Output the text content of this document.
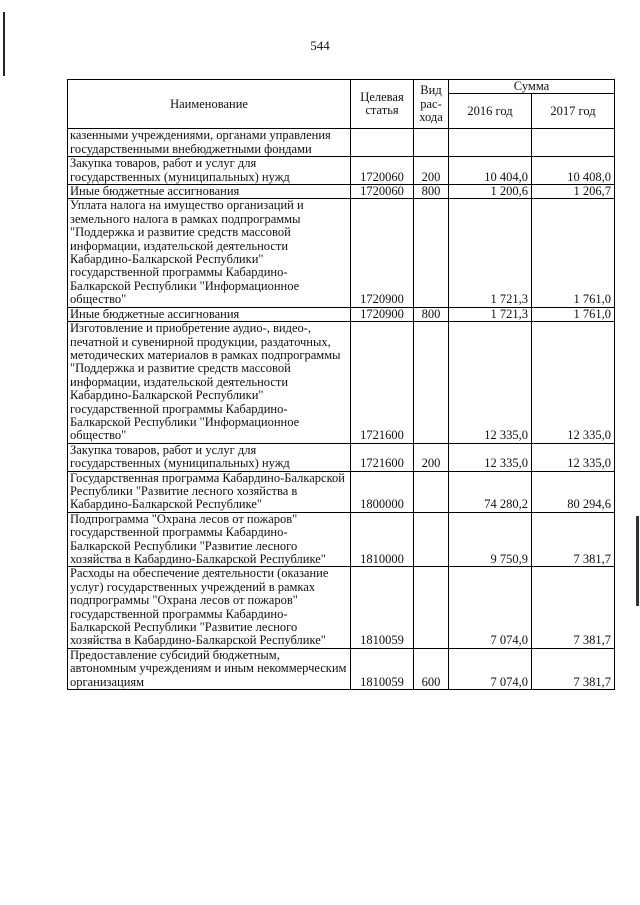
544
Наименование	Целевая статья	Вид рас-хода	Сумма	
			2016 год	2017 год
казенными учреждениями, органами управления государственными внебюджетными фондами				
Закупка товаров, работ и услуг для государственных (муниципальных) нужд	1720060	200	10 404,0	10 408,0
Иные бюджетные ассигнования	1720060	800	1 200,6	1 206,7
Уплата налога на имущество организаций и земельного налога в рамках подпрограммы "Поддержка и развитие средств массовой информации, издательской деятельности Кабардино-Балкарской Республики" государственной программы Кабардино-Балкарской Республики "Информационное общество"	1720900		1 721,3	1 761,0
Иные бюджетные ассигнования	1720900	800	1 721,3	1 761,0
Изготовление и приобретение аудио-, видео-, печатной и сувенирной продукции, раздаточных, методических материалов в рамках подпрограммы "Поддержка и развитие средств массовой информации, издательской деятельности Кабардино-Балкарской Республики" государственной программы Кабардино-Балкарской Республики "Информационное общество"	1721600		12 335,0	12 335,0
Закупка товаров, работ и услуг для государственных (муниципальных) нужд	1721600	200	12 335,0	12 335,0
Государственная программа Кабардино-Балкарской Республики "Развитие лесного хозяйства в Кабардино-Балкарской Республике"	1800000		74 280,2	80 294,6
Подпрограмма "Охрана лесов от пожаров" государственной программы Кабардино-Балкарской Республики "Развитие лесного хозяйства в Кабардино-Балкарской Республике"	1810000		9 750,9	7 381,7
Расходы на обеспечение деятельности (оказание услуг) государственных учреждений в рамках подпрограммы "Охрана лесов от пожаров" государственной программы Кабардино-Балкарской Республики "Развитие лесного хозяйства в Кабардино-Балкарской Республике"	1810059		7 074,0	7 381,7
Предоставление субсидий бюджетным, автономным учреждениям и иным некоммерческим организациям	1810059	600	7 074,0	7 381,7
